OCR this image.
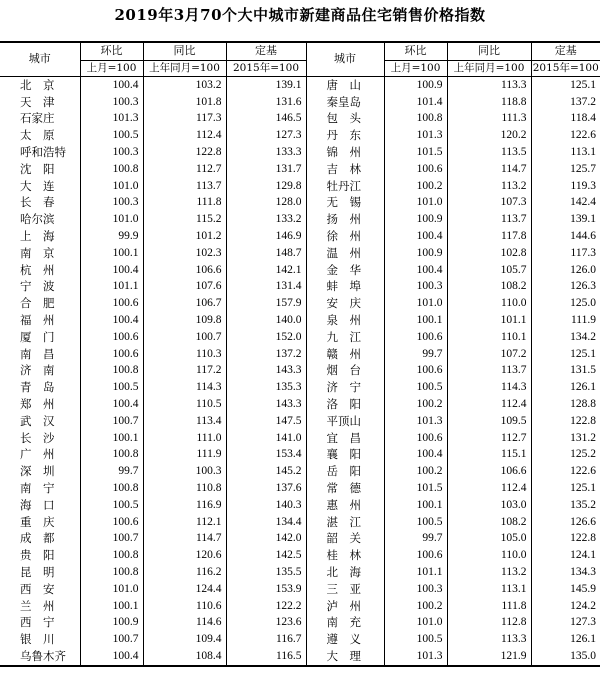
2019年3月70个大中城市新建商品住宅销售价格指数
城市	环比	同比	定基	城市	环比	同比	定基
	上月=100	上年同月=100	2015年=100		上月=100	上年同月=100	2015年=100
北　京	100.4	103.2	139.1	唐　山	100.9	113.3	125.1
天　津	100.3	101.8	131.6	秦皇岛	101.4	118.8	137.2
石家庄	101.3	117.3	146.5	包　头	100.8	111.3	118.4
太　原	100.5	112.4	127.3	丹　东	101.3	120.2	122.6
呼和浩特	100.3	122.8	133.3	锦　州	101.5	113.5	113.1
沈　阳	100.8	112.7	131.7	吉　林	100.6	114.7	125.7
大　连	101.0	113.7	129.8	牡丹江	100.2	113.2	119.3
长　春	100.3	111.8	128.0	无　锡	101.0	107.3	142.4
哈尔滨	101.0	115.2	133.2	扬　州	100.9	113.7	139.1
上　海	99.9	101.2	146.9	徐　州	100.4	117.8	144.6
南　京	100.1	102.3	148.7	温　州	100.9	102.8	117.3
杭　州	100.4	106.6	142.1	金　华	100.4	105.7	126.0
宁　波	101.1	107.6	131.4	蚌　埠	100.3	108.2	126.3
合　肥	100.6	106.7	157.9	安　庆	101.0	110.0	125.0
福　州	100.4	109.8	140.0	泉　州	100.1	101.1	111.9
厦　门	100.6	100.7	152.0	九　江	100.6	110.1	134.2
南　昌	100.6	110.3	137.2	赣　州	99.7	107.2	125.1
济　南	100.8	117.2	143.3	烟　台	100.6	113.7	131.5
青　岛	100.5	114.3	135.3	济　宁	100.5	114.3	126.1
郑　州	100.4	110.5	143.3	洛　阳	100.2	112.4	128.8
武　汉	100.7	113.4	147.5	平顶山	101.3	109.5	122.8
长　沙	100.1	111.0	141.0	宜　昌	100.6	112.7	131.2
广　州	100.8	111.9	153.4	襄　阳	100.4	115.1	125.2
深　圳	99.7	100.3	145.2	岳　阳	100.2	106.6	122.6
南　宁	100.8	110.8	137.6	常　德	101.5	112.4	125.1
海　口	100.5	116.9	140.3	惠　州	100.1	103.0	135.2
重　庆	100.6	112.1	134.4	湛　江	100.5	108.2	126.6
成　都	100.7	114.7	142.0	韶　关	99.7	105.0	122.8
贵　阳	100.8	120.6	142.5	桂　林	100.6	110.0	124.1
昆　明	100.8	116.2	135.5	北　海	101.1	113.2	134.3
西　安	101.0	124.4	153.9	三　亚	100.3	113.1	145.9
兰　州	100.1	110.6	122.2	泸　州	100.2	111.8	124.2
西　宁	100.9	114.6	123.6	南　充	101.0	112.8	127.3
银　川	100.7	109.4	116.7	遵　义	100.5	113.3	126.1
乌鲁木齐	100.4	108.4	116.5	大　理	101.3	121.9	135.0
